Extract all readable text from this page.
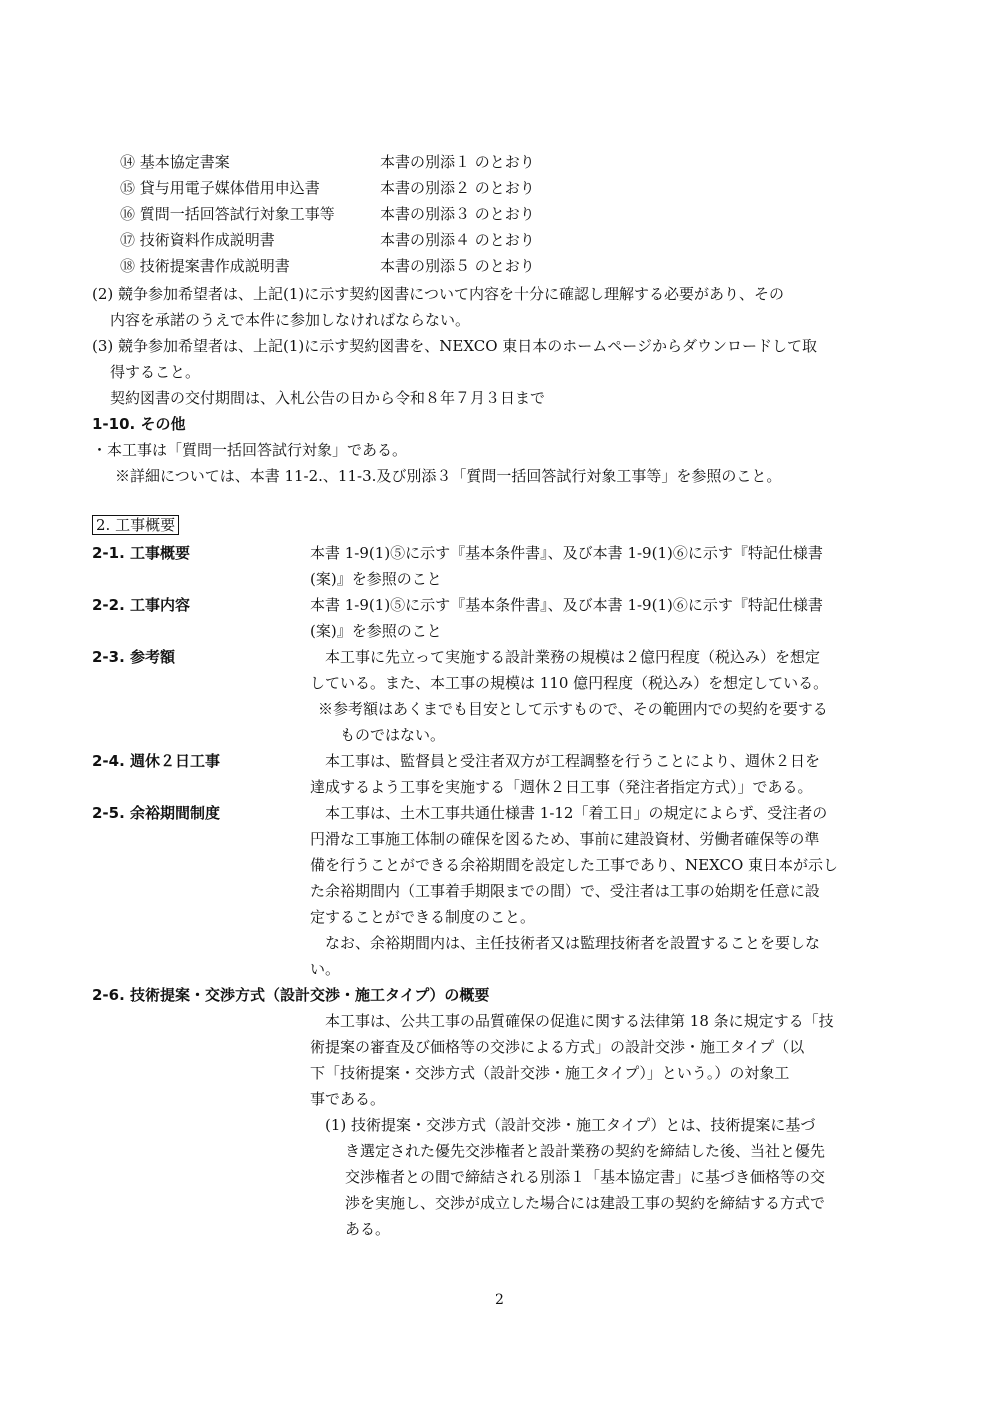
⑭ 基本協定書案	本書の別添１ のとおり
⑮ 貸与用電子媒体借用申込書	本書の別添２ のとおり
⑯ 質問一括回答試行対象工事等	本書の別添３ のとおり
⑰ 技術資料作成説明書	本書の別添４ のとおり
⑱ 技術提案書作成説明書	本書の別添５ のとおり
(2) 競争参加希望者は、上記(1)に示す契約図書について内容を十分に確認し理解する必要があり、その
内容を承諾のうえで本件に参加しなければならない。
(3) 競争参加希望者は、上記(1)に示す契約図書を、NEXCO 東日本のホームページからダウンロードして取
得すること。
契約図書の交付期間は、入札公告の日から令和８年７月３日まで
1-10. その他
・本工事は「質問一括回答試行対象」である。
※詳細については、本書 11-2.、11-3.及び別添３「質問一括回答試行対象工事等」を参照のこと。
2. 工事概要
2-1. 工事概要	本書 1-9(1)⑤に示す『基本条件書』、及び本書 1-9(1)⑥に示す『特記仕様書
(案)』を参照のこと
2-2. 工事内容	本書 1-9(1)⑤に示す『基本条件書』、及び本書 1-9(1)⑥に示す『特記仕様書
(案)』を参照のこと
2-3. 参考額	本工事に先立って実施する設計業務の規模は２億円程度（税込み）を想定
している。また、本工事の規模は 110 億円程度（税込み）を想定している。
※参考額はあくまでも目安として示すもので、その範囲内での契約を要する
ものではない。
2-4. 週休２日工事	本工事は、監督員と受注者双方が工程調整を行うことにより、週休２日を
達成するよう工事を実施する「週休２日工事（発注者指定方式）」である。
2-5. 余裕期間制度	本工事は、土木工事共通仕様書 1-12「着工日」の規定によらず、受注者の
円滑な工事施工体制の確保を図るため、事前に建設資材、労働者確保等の準
備を行うことができる余裕期間を設定した工事であり、NEXCO 東日本が示し
た余裕期間内（工事着手期限までの間）で、受注者は工事の始期を任意に設
定することができる制度のこと。
なお、余裕期間内は、主任技術者又は監理技術者を設置することを要しな
い。
2-6. 技術提案・交渉方式（設計交渉・施工タイプ）の概要
本工事は、公共工事の品質確保の促進に関する法律第 18 条に規定する「技
術提案の審査及び価格等の交渉による方式」の設計交渉・施工タイプ（以
下「技術提案・交渉方式（設計交渉・施工タイプ）」という。）の対象工
事である。
(1) 技術提案・交渉方式（設計交渉・施工タイプ）とは、技術提案に基づ
き選定された優先交渉権者と設計業務の契約を締結した後、当社と優先
交渉権者との間で締結される別添１「基本協定書」に基づき価格等の交
渉を実施し、交渉が成立した場合には建設工事の契約を締結する方式で
ある。
2
